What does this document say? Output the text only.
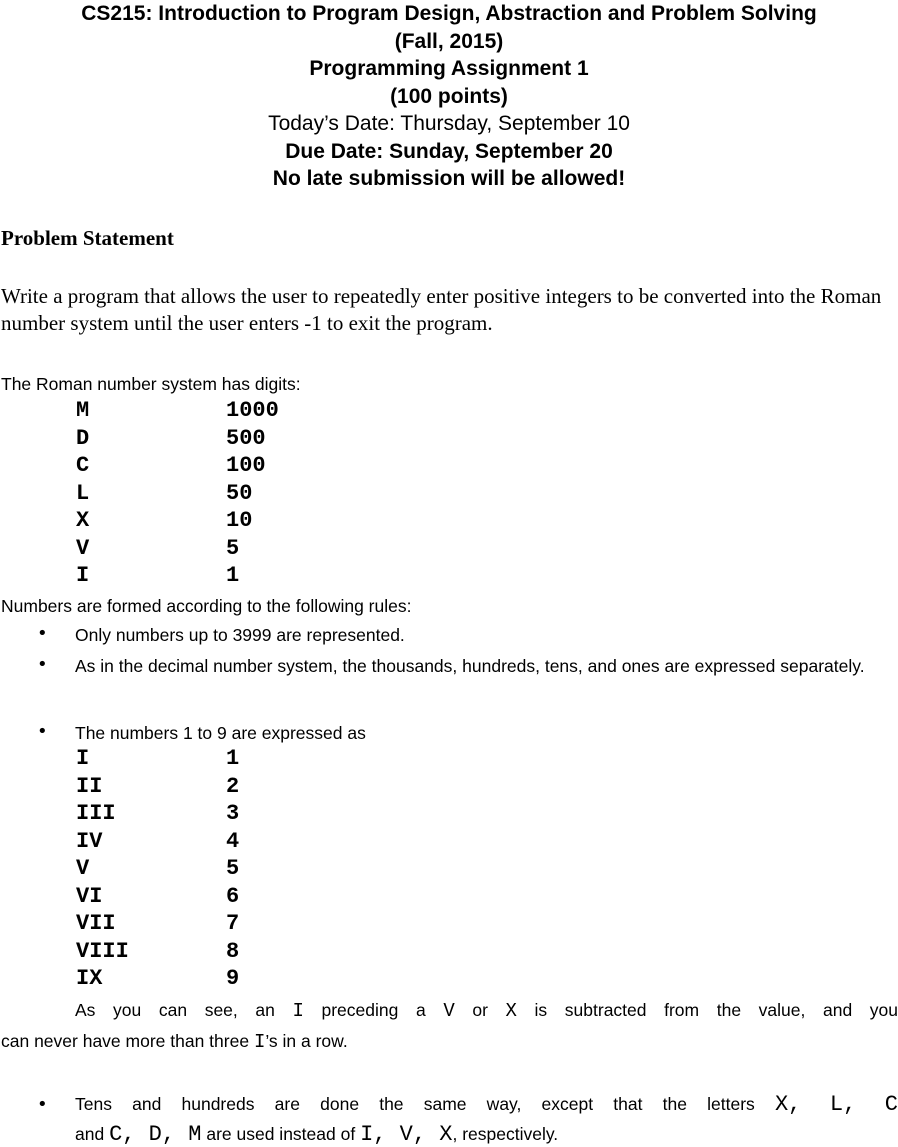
CS215: Introduction to Program Design, Abstraction and Problem Solving
(Fall, 2015)
Programming Assignment 1
(100 points)
Today’s Date: Thursday, September 10
Due Date: Sunday, September 20
No late submission will be allowed!
Problem Statement
Write a program that allows the user to repeatedly enter positive integers to be converted into the Roman number system until the user enters -1 to exit the program.
The Roman number system has digits:
M	1000
D	500
C	100
L	50
X	10
V	5
I	1
Numbers are formed according to the following rules:
• Only numbers up to 3999 are represented.
• As in the decimal number system, the thousands, hundreds, tens, and ones are expressed separately.
• The numbers 1 to 9 are expressed as
I	1
II	2
III	3
IV	4
V	5
VI	6
VII	7
VIII	8
IX	9
As you can see, an I preceding a V or X is subtracted from the value, and you
can never have more than three I’s in a row.
• Tens and hundreds are done the same way, except that the letters X, L, C
and C, D, M are used instead of I, V, X, respectively.
